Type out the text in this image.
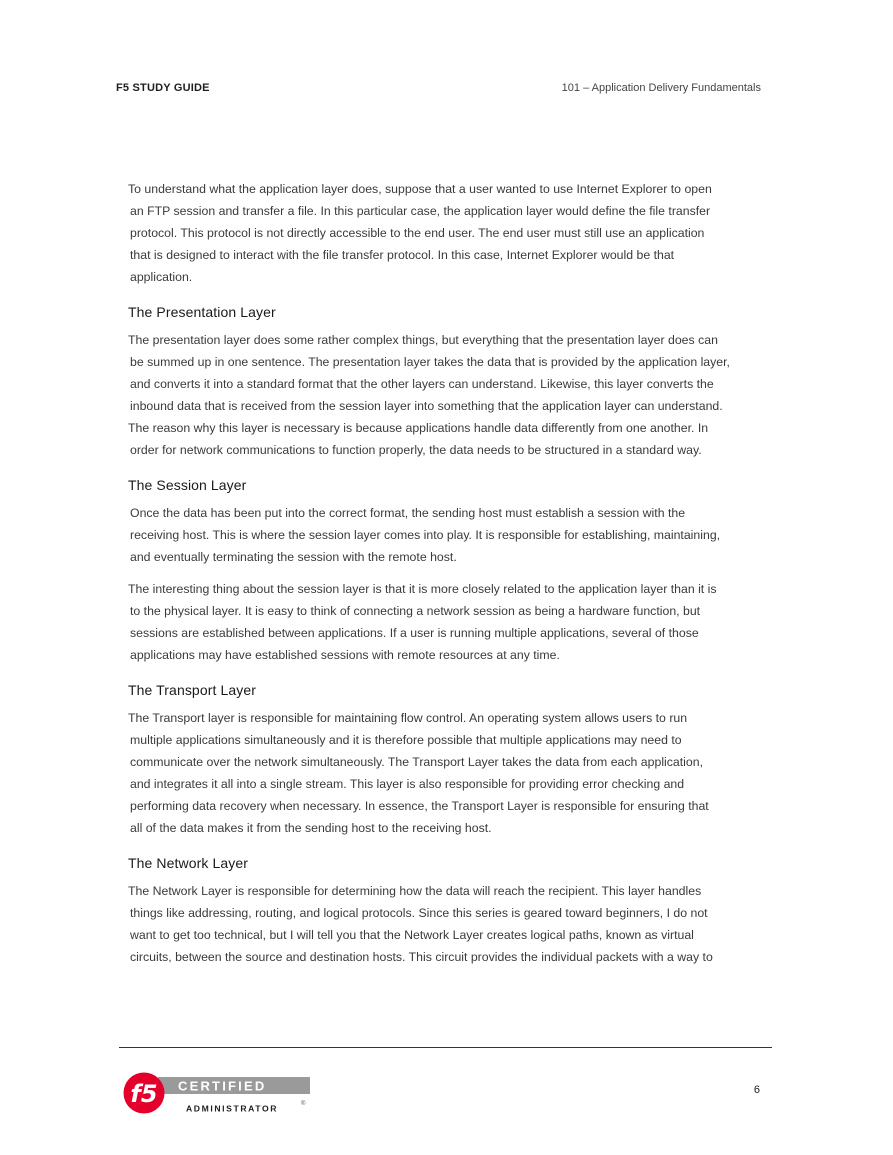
F5 STUDY GUIDE	101 – Application Delivery Fundamentals

To understand what the application layer does, suppose that a user wanted to use Internet Explorer to open
an FTP session and transfer a file. In this particular case, the application layer would define the file transfer
protocol. This protocol is not directly accessible to the end user. The end user must still use an application
that is designed to interact with the file transfer protocol. In this case, Internet Explorer would be that
application.

The Presentation Layer

The presentation layer does some rather complex things, but everything that the presentation layer does can
be summed up in one sentence. The presentation layer takes the data that is provided by the application layer,
and converts it into a standard format that the other layers can understand. Likewise, this layer converts the
inbound data that is received from the session layer into something that the application layer can understand.
The reason why this layer is necessary is because applications handle data differently from one another. In
order for network communications to function properly, the data needs to be structured in a standard way.

The Session Layer

Once the data has been put into the correct format, the sending host must establish a session with the
receiving host. This is where the session layer comes into play. It is responsible for establishing, maintaining,
and eventually terminating the session with the remote host.

The interesting thing about the session layer is that it is more closely related to the application layer than it is
to the physical layer. It is easy to think of connecting a network session as being a hardware function, but
sessions are established between applications. If a user is running multiple applications, several of those
applications may have established sessions with remote resources at any time.

The Transport Layer

The Transport layer is responsible for maintaining flow control. An operating system allows users to run
multiple applications simultaneously and it is therefore possible that multiple applications may need to
communicate over the network simultaneously. The Transport Layer takes the data from each application,
and integrates it all into a single stream. This layer is also responsible for providing error checking and
performing data recovery when necessary. In essence, the Transport Layer is responsible for ensuring that
all of the data makes it from the sending host to the receiving host.

The Network Layer

The Network Layer is responsible for determining how the data will reach the recipient. This layer handles
things like addressing, routing, and logical protocols. Since this series is geared toward beginners, I do not
want to get too technical, but I will tell you that the Network Layer creates logical paths, known as virtual
circuits, between the source and destination hosts. This circuit provides the individual packets with a way to

CERTIFIED
ADMINISTRATOR	®
f5	6
